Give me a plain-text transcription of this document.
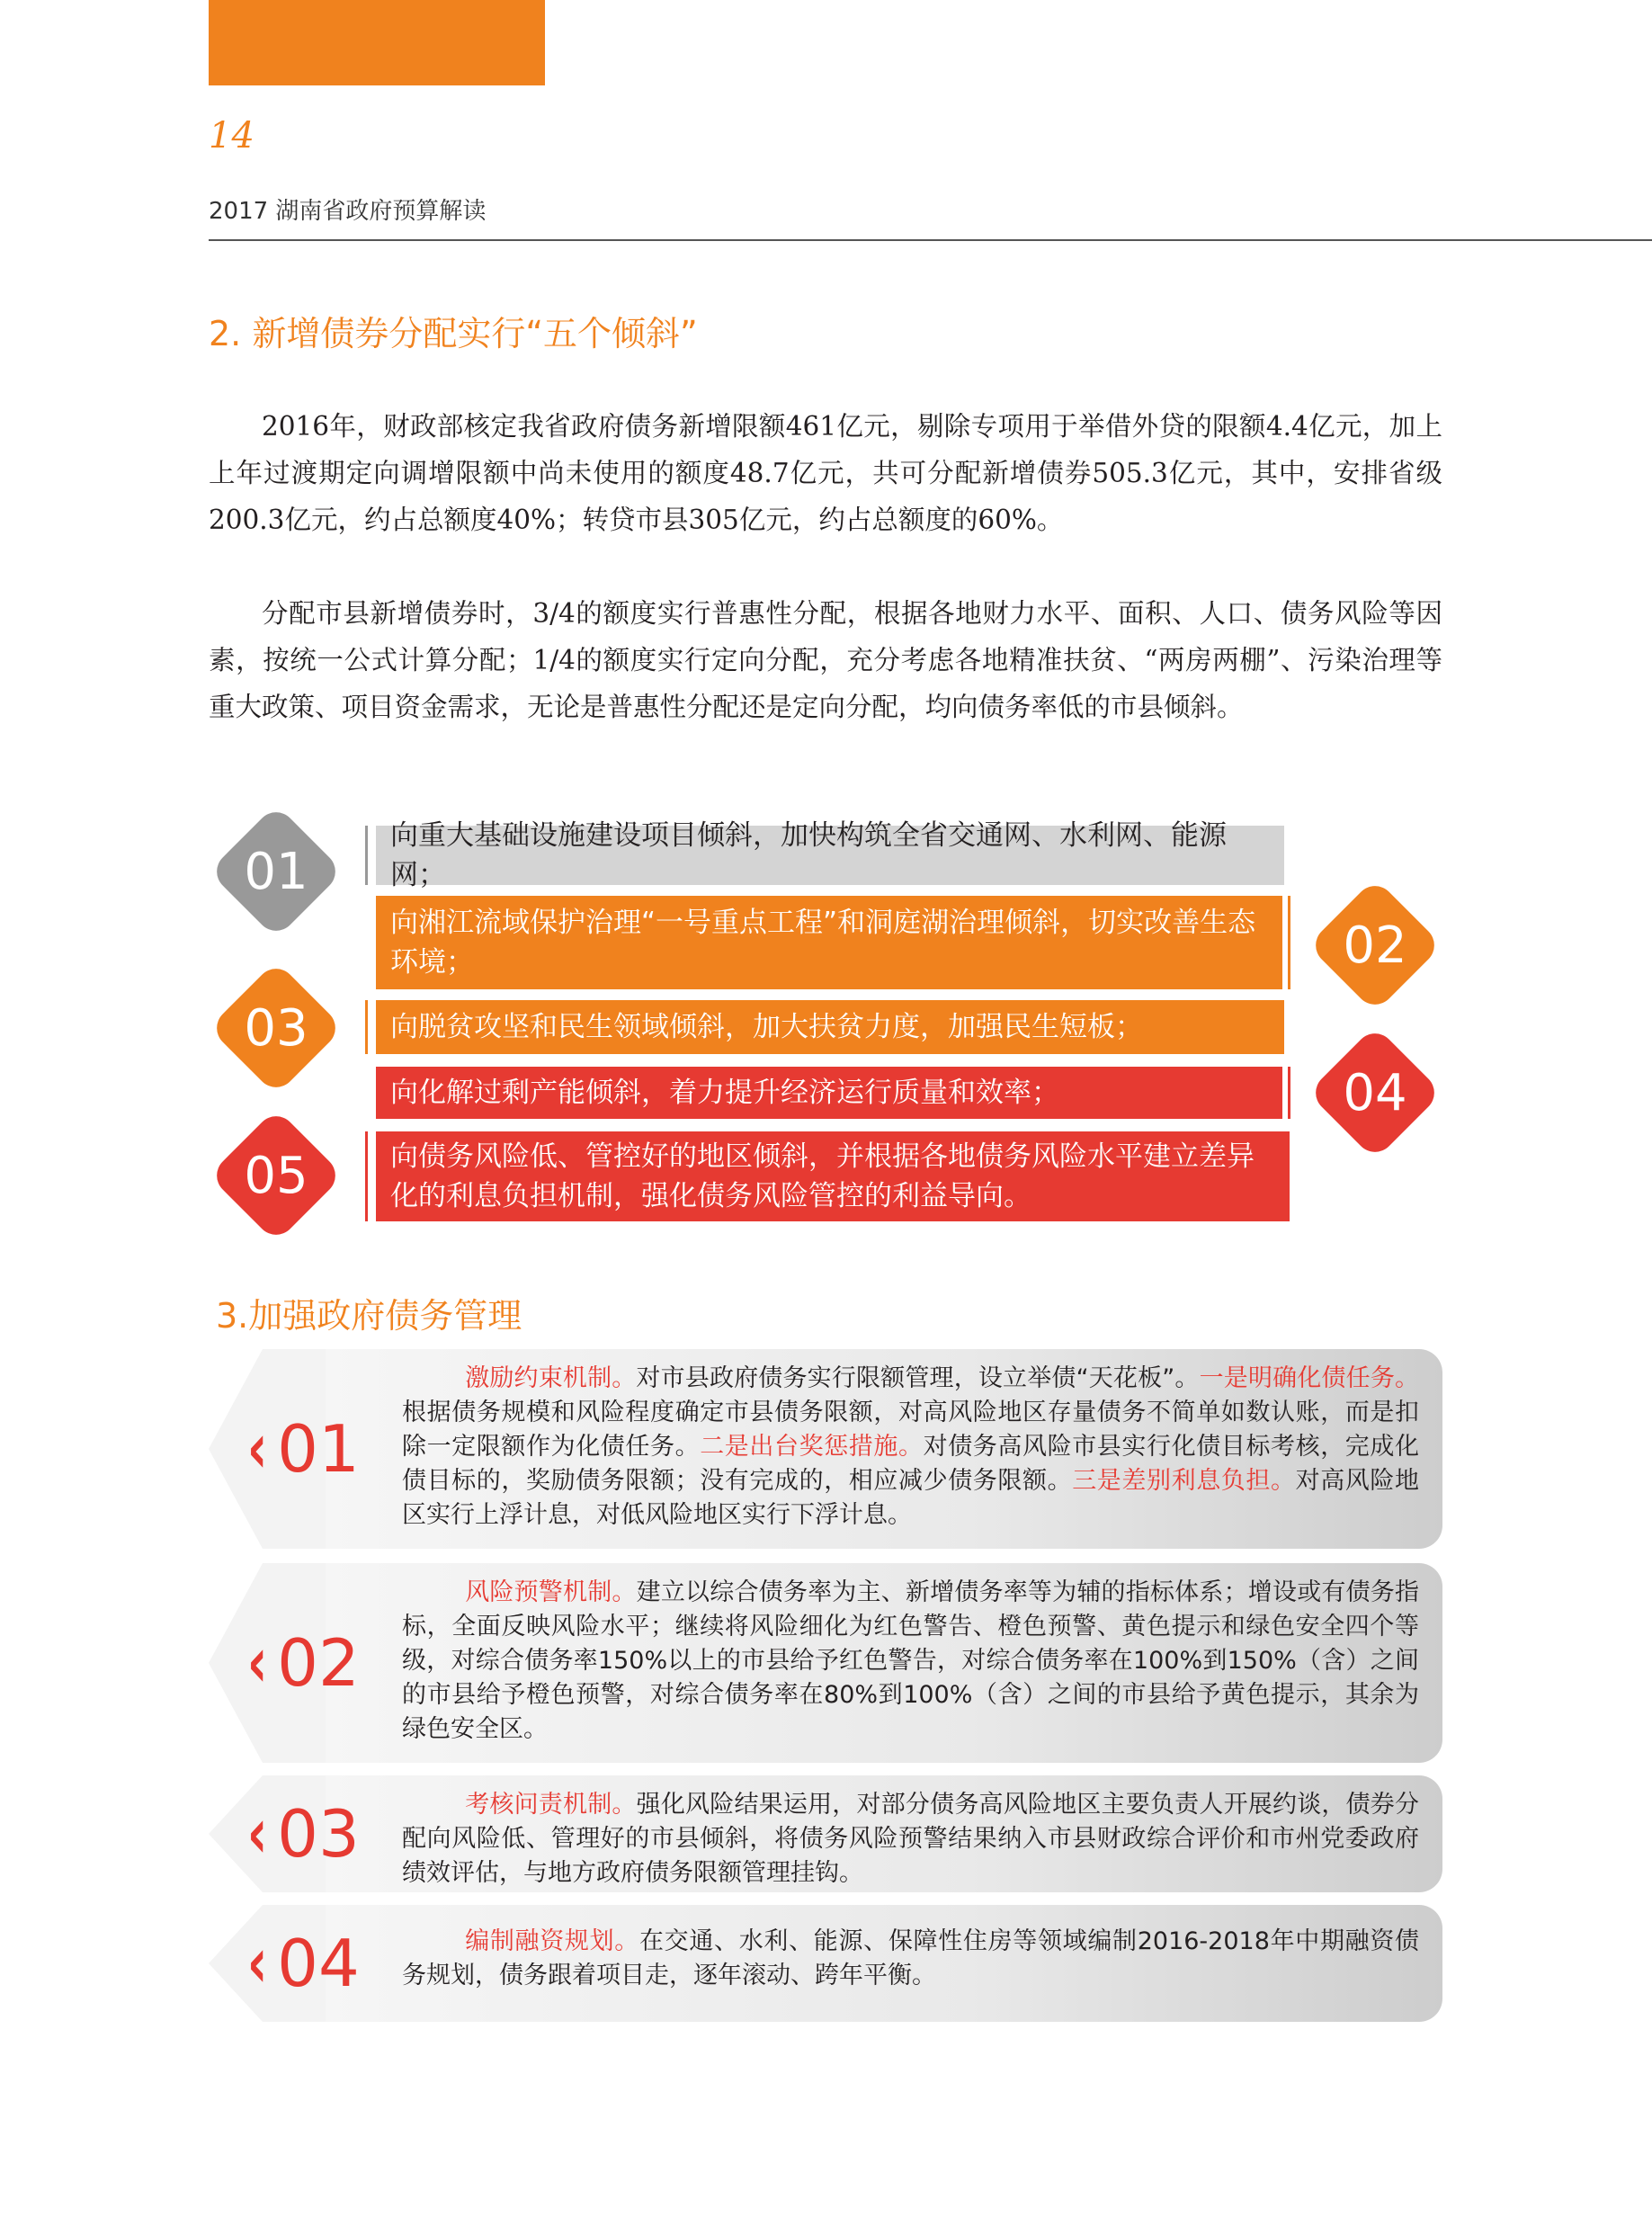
14
2017 湖南省政府预算解读
2. 新增债券分配实行“五个倾斜”

2016年，财政部核定我省政府债务新增限额461亿元，剔除专项用于举借外贷的限额4.4亿元，加上上年过渡期定向调增限额中尚未使用的额度48.7亿元，共可分配新增债券505.3亿元，其中，安排省级200.3亿元，约占总额度40%；转贷市县305亿元，约占总额度的60%。

分配市县新增债券时，3/4的额度实行普惠性分配，根据各地财力水平、面积、人口、债务风险等因素，按统一公式计算分配；1/4的额度实行定向分配，充分考虑各地精准扶贫、“两房两棚”、污染治理等重大政策、项目资金需求，无论是普惠性分配还是定向分配，均向债务率低的市县倾斜。

向重大基础设施建设项目倾斜，加快构筑全省交通网、水利网、能源网；
向湘江流域保护治理“一号重点工程”和洞庭湖治理倾斜，切实改善生态环境；
向脱贫攻坚和民生领域倾斜，加大扶贫力度，加强民生短板；
向化解过剩产能倾斜，着力提升经济运行质量和效率；
向债务风险低、管控好的地区倾斜，并根据各地债务风险水平建立差异化的利息负担机制，强化债务风险管控的利益导向。
01
02
03
04
05
3.加强政府债务管理
‹ 01
激励约束机制。对市县政府债务实行限额管理，设立举债“天花板”。一是明确化债任务。根据债务规模和风险程度确定市县债务限额，对高风险地区存量债务不简单如数认账，而是扣除一定限额作为化债任务。二是出台奖惩措施。对债务高风险市县实行化债目标考核，完成化债目标的，奖励债务限额；没有完成的，相应减少债务限额。三是差别利息负担。对高风险地区实行上浮计息，对低风险地区实行下浮计息。
‹ 02
风险预警机制。建立以综合债务率为主、新增债务率等为辅的指标体系；增设或有债务指标，全面反映风险水平；继续将风险细化为红色警告、橙色预警、黄色提示和绿色安全四个等级，对综合债务率150%以上的市县给予红色警告，对综合债务率在100%到150%（含）之间的市县给予橙色预警，对综合债务率在80%到100%（含）之间的市县给予黄色提示，其余为绿色安全区。
‹ 03	考核问责机制。强化风险结果运用，对部分债务高风险地区主要负责人开展约谈，债券分配向风险低、管理好的市县倾斜，将债务风险预警结果纳入市县财政综合评价和市州党委政府绩效评估，与地方政府债务限额管理挂钩。
‹ 04	编制融资规划。在交通、水利、能源、保障性住房等领域编制2016-2018年中期融资债务规划，债务跟着项目走，逐年滚动、跨年平衡。
